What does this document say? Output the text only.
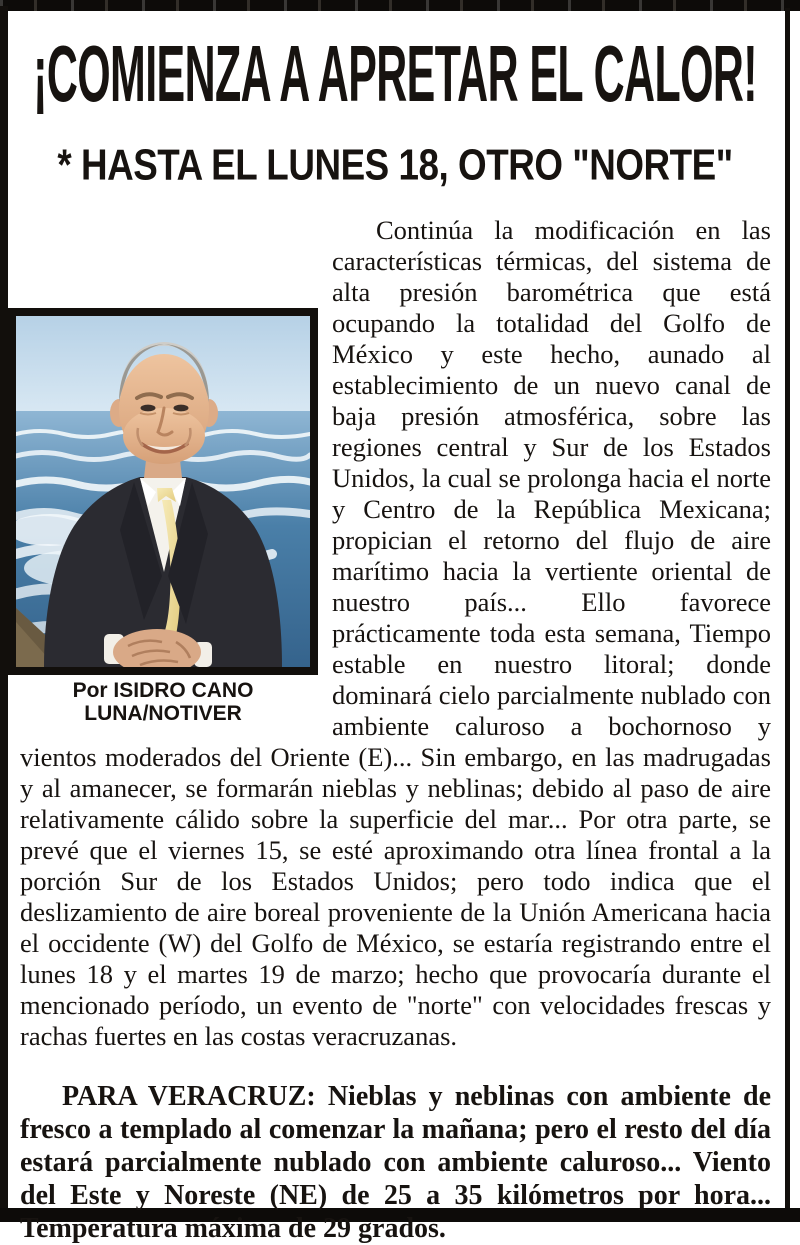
¡COMIENZA A APRETAR EL CALOR!
* HASTA EL LUNES 18, OTRO "NORTE"
Por ISIDRO CANO
LUNA/NOTIVER
Continúa la modificación en las características térmicas, del sistema de alta presión barométrica que está ocupando la totalidad del Golfo de México y este hecho, aunado al establecimiento de un nuevo canal de baja presión atmosférica, sobre las regiones central y Sur de los Estados Unidos, la cual se prolonga hacia el norte y Centro de la República Mexicana; propician el retorno del flujo de aire marítimo hacia la vertiente oriental de nuestro país... Ello favorece prácticamente toda esta semana, Tiempo estable en nuestro litoral; donde dominará cielo parcialmente nublado con ambiente caluroso a bochornoso y vientos moderados del Oriente (E)... Sin embargo, en las madrugadas y al amanecer, se formarán nieblas y neblinas; debido al paso de aire relativamente cálido sobre la superficie del mar... Por otra parte, se prevé que el viernes 15, se esté aproximando otra línea frontal a la porción Sur de los Estados Unidos; pero todo indica que el deslizamiento de aire boreal proveniente de la Unión Americana hacia el occidente (W) del Golfo de México, se estaría registrando entre el lunes 18 y el martes 19 de marzo; hecho que provocaría durante el mencionado período, un evento de "norte" con velocidades frescas y rachas fuertes en las costas veracruzanas.
PARA VERACRUZ: Nieblas y neblinas con ambiente de fresco a templado al comenzar la mañana; pero el resto del día estará parcialmente nublado con ambiente caluroso... Viento del Este y Noreste (NE) de 25 a 35 kilómetros por hora... Temperatura máxima de 29 grados.
